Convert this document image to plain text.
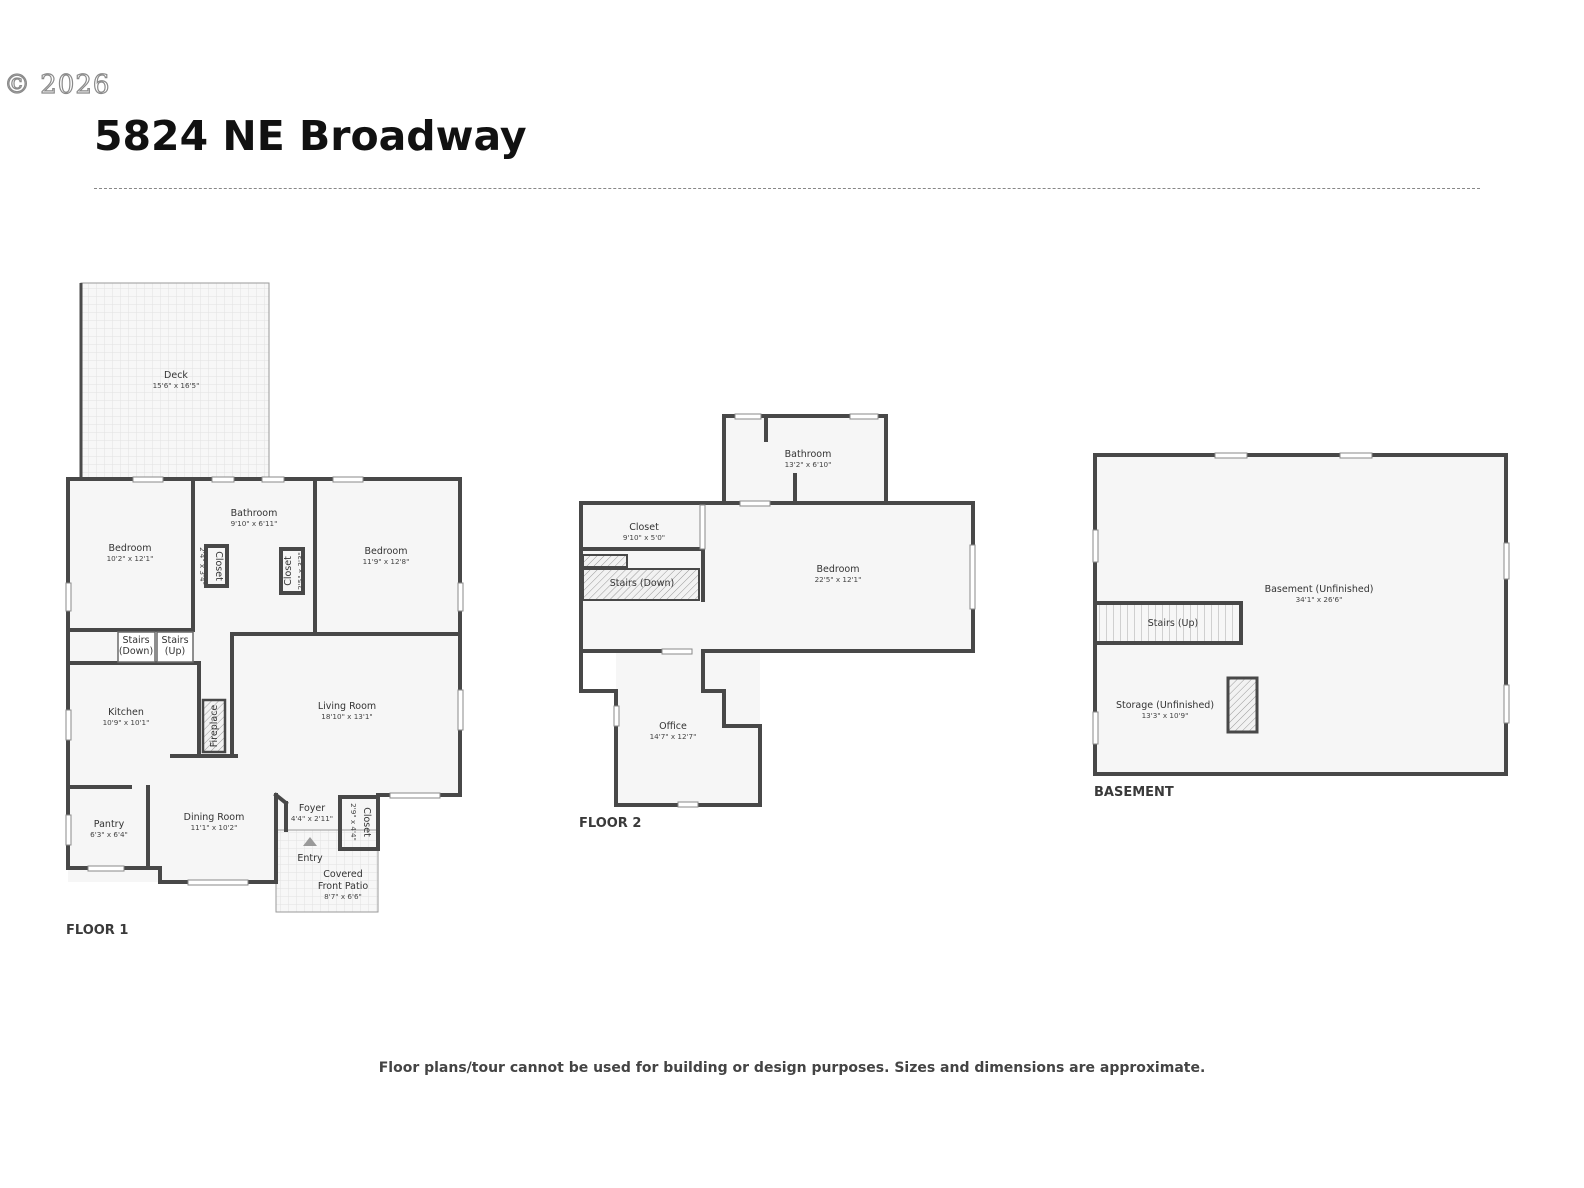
© 2026
5824 NE Broadway
Deck
15'6" x 16'5"
Bedroom
10'2" x 12'1"
Bathroom
9'10" x 6'11"
Bedroom
11'9" x 12'8"
Closet
2'4" x 3'4"	Closet 2'5" x 3'3"
Stairs
(Down)
Stairs
(Up)
Kitchen
10'9" x 10'1"	Fireplace	Living Room
18'10" x 13'1"
Pantry
6'3" x 6'4"
Dining Room
11'1" x 10'2"
Foyer
4'4" x 2'11"	Closet
2'9" x 4'4"
Entry
Covered
Front Patio
8'7" x 6'6"
FLOOR 1
Bathroom
13'2" x 6'10"
Closet
9'10" x 5'0"
Stairs (Down)
Bedroom
22'5" x 12'1"
Office
14'7" x 12'7"
FLOOR 2
Basement (Unfinished)
34'1" x 26'6"
Stairs (Up)
Storage (Unfinished)
13'3" x 10'9"
BASEMENT
Floor plans/tour cannot be used for building or design purposes. Sizes and dimensions are approximate.
